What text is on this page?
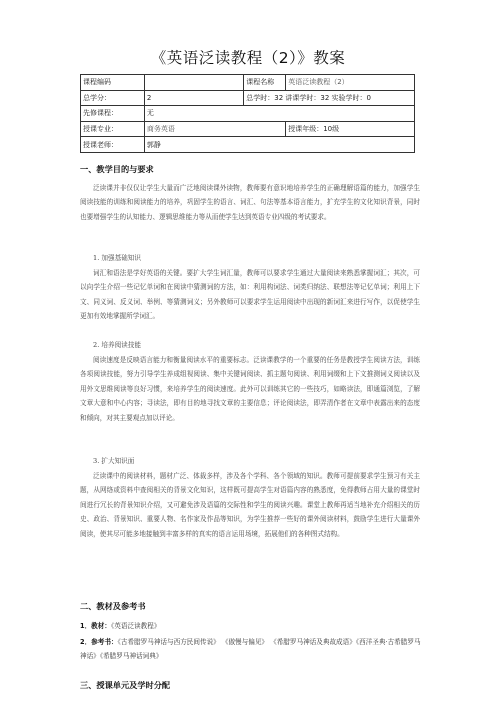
《英语泛读教程（2）》教案
课程编码		课程名称	英语泛读教程（2）
总学分：	2	总学时：32 讲课学时：32 实验学时：0	
先修课程：	无		
授课专业：	商务英语		授课年级：10级
授课老师：	郭静		
一、教学目的与要求

泛读课并非仅仅让学生大量而广泛地阅读课外读物，教师要有意识地培养学生的正确理解语篇的能力，加强学生阅读技能的训练和阅读能力的培养，巩固学生的语言、词汇、句法等基本语言能力，扩充学生的文化知识背景，同时也要增强学生的认知能力、逻辑思维能力等从而使学生达到英语专业四级的考试要求。

1. 加强基础知识

词汇和语法是学好英语的关键。要扩大学生词汇量，教师可以要求学生通过大量阅读来熟悉掌握词汇；其次，可以向学生介绍一些记忆单词和在阅读中猜测词的方法，如：利用构词法、词类归纳法、联想法等记忆单词；利用上下文、同义词、反义词、举例、等猜测词义；另外教师可以要求学生运用阅读中出现的新词汇来进行写作，以促使学生更加有效地掌握所学词汇。

2. 培养阅读技能

阅读速度是反映语言能力和衡量阅读水平的重要标志。泛读课教学的一个重要的任务是教授学生阅读方法，训练各项阅读技能，努力引导学生养成组视阅读、集中关键词阅读、抓主题句阅读、利用词缀和上下文推测词义阅读以及用外文思维阅读等良好习惯，来培养学生的阅读速度。此外可以训练其它的一些技巧，如略读法，即通篇浏览，了解文章大意和中心内容；寻读法，即有目的地寻找文章的主要信息；评论阅读法，即弄清作者在文章中表露出来的态度和倾向，对其主要观点加以评论。

3. 扩大知识面

泛读课中的阅读材料，题材广泛、体裁多样，涉及各个学科、各个领域的知识。教师可提前要求学生预习有关主题，从网络或资料中查阅相关的背景文化知识，这样既可提高学生对语篇内容的熟悉度，免得教师占用大量的课堂时间进行冗长的背景知识介绍，又可避免涉及语篇的交际性和学生的阅读兴趣。课堂上教师再适当地补充介绍相关的历史、政治、背景知识、重要人物、名作家及作品等知识，为学生推荐一些好的课外阅读材料，鼓励学生进行大量课外阅读，使其尽可能多地接触到丰富多样的真实的语言运用场境，拓展他们的各种图式结构。

二、教材及参考书
1．教材：《英语泛读教程》
2．参考书：《古希腊罗马神话与西方民间传说》 《傲慢与偏见》 《希腊罗马神话及典故成语》《西洋圣典·古希腊罗马神话》《希腊罗马神话词典》
三、授课单元及学时分配
